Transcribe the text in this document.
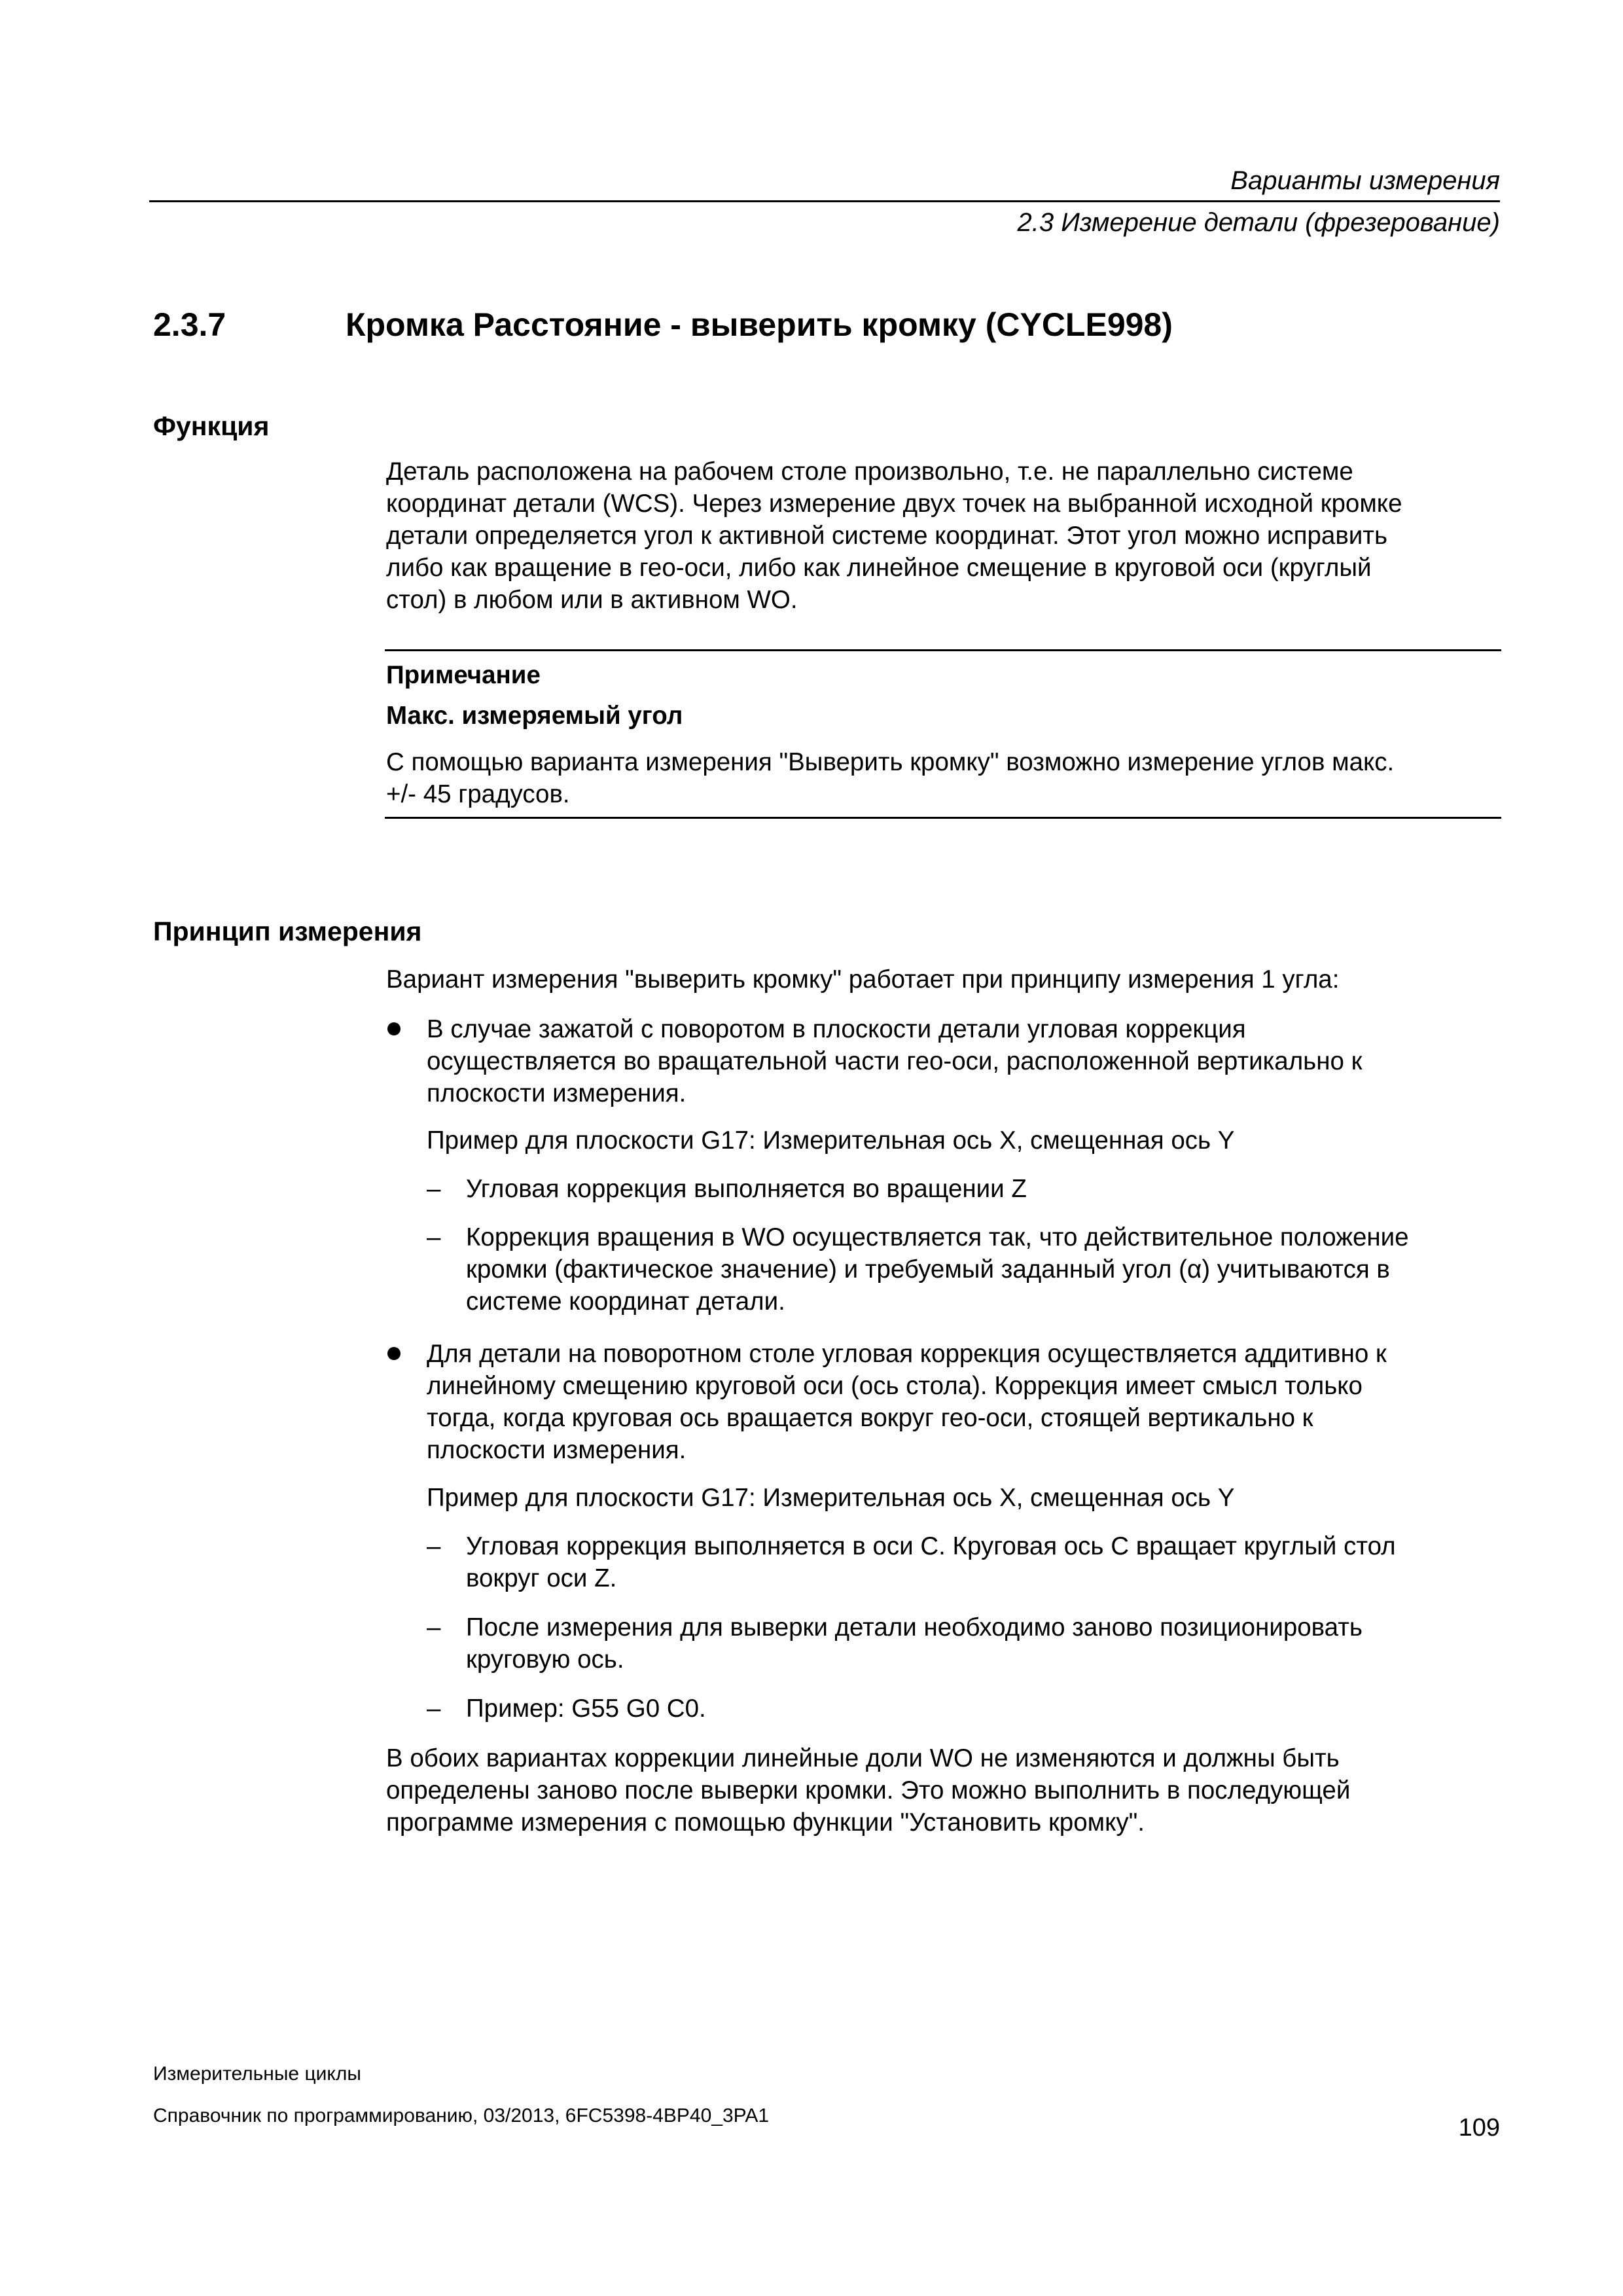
Варианты измерения
2.3 Измерение детали (фрезерование)
2.3.7	Кромка Расстояние - выверить кромку (CYCLE998)
Функция

Деталь расположена на рабочем столе произвольно, т.е. не параллельно системе
координат детали (WCS). Через измерение двух точек на выбранной исходной кромке
детали определяется угол к активной системе координат. Этот угол можно исправить
либо как вращение в гео-оси, либо как линейное смещение в круговой оси (круглый
стол) в любом или в активном WO.

Примечание
Макс. измеряемый угол

С помощью варианта измерения "Выверить кромку" возможно измерение углов макс.
+/- 45 градусов.

Принцип измерения

Вариант измерения "выверить кромку" работает при принципу измерения 1 угла:

В случае зажатой с поворотом в плоскости детали угловая коррекция
осуществляется во вращательной части гео-оси, расположенной вертикально к
плоскости измерения.

Пример для плоскости G17: Измерительная ось X, смещенная ось Y

– Угловая коррекция выполняется во вращении Z

– Коррекция вращения в WO осуществляется так, что действительное положение
кромки (фактическое значение) и требуемый заданный угол (α) учитываются в
системе координат детали.

Для детали на поворотном столе угловая коррекция осуществляется аддитивно к
линейному смещению круговой оси (ось стола). Коррекция имеет смысл только
тогда, когда круговая ось вращается вокруг гео-оси, стоящей вертикально к
плоскости измерения.

Пример для плоскости G17: Измерительная ось X, смещенная ось Y

– Угловая коррекция выполняется в оси C. Круговая ось C вращает круглый стол
вокруг оси Z.

– После измерения для выверки детали необходимо заново позиционировать
круговую ось.

– Пример: G55 G0 C0.

В обоих вариантах коррекции линейные доли WO не изменяются и должны быть
определены заново после выверки кромки. Это можно выполнить в последующей
программе измерения с помощью функции "Установить кромку".

Измерительные циклы
Справочник по программированию, 03/2013, 6FC5398-4BP40_3PA1	109
